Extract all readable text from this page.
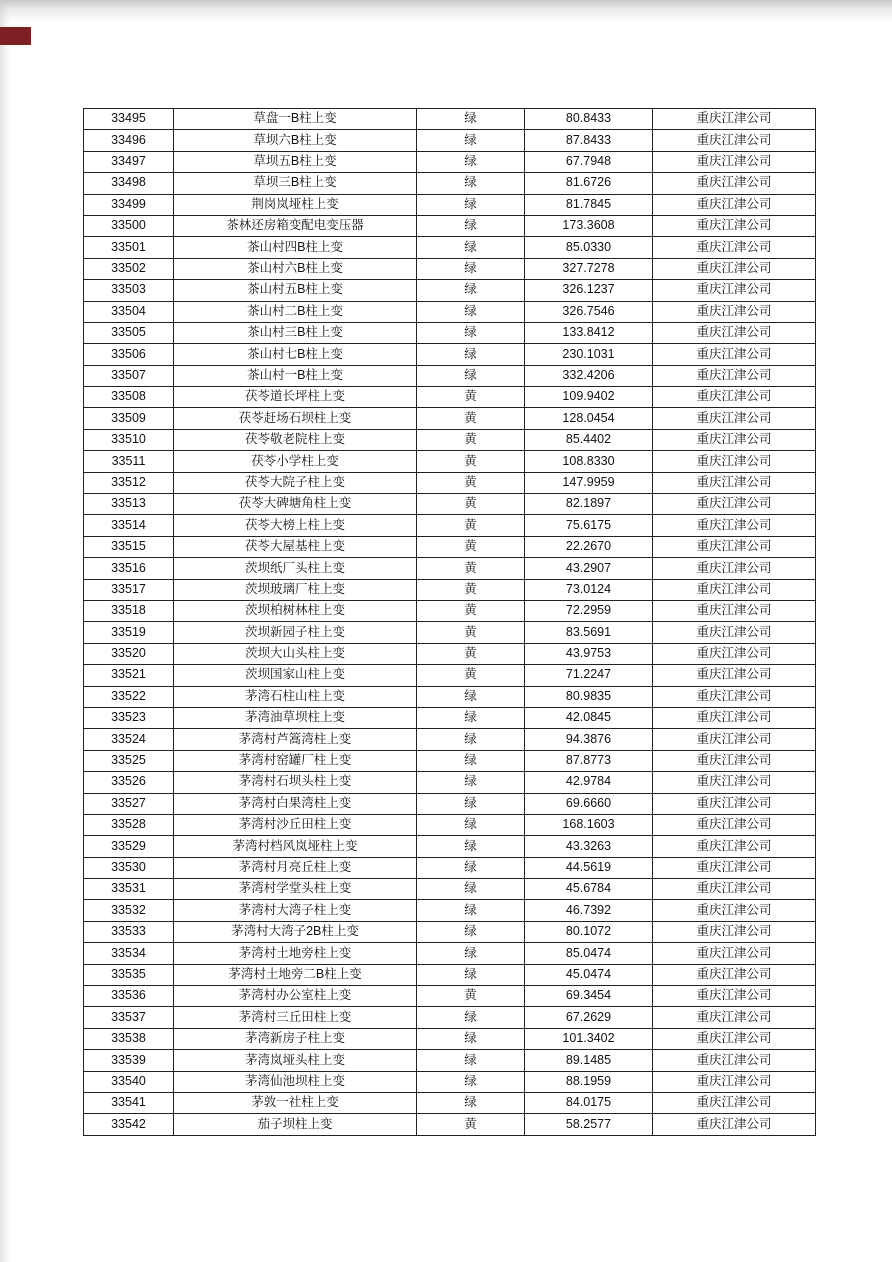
33495	草盘一B柱上变	绿	80.8433	重庆江津公司
33496	草坝六B柱上变	绿	87.8433	重庆江津公司
33497	草坝五B柱上变	绿	67.7948	重庆江津公司
33498	草坝三B柱上变	绿	81.6726	重庆江津公司
33499	荆岗岚垭柱上变	绿	81.7845	重庆江津公司
33500	茶林还房箱变配电变压器	绿	173.3608	重庆江津公司
33501	茶山村四B柱上变	绿	85.0330	重庆江津公司
33502	茶山村六B柱上变	绿	327.7278	重庆江津公司
33503	茶山村五B柱上变	绿	326.1237	重庆江津公司
33504	茶山村二B柱上变	绿	326.7546	重庆江津公司
33505	茶山村三B柱上变	绿	133.8412	重庆江津公司
33506	茶山村七B柱上变	绿	230.1031	重庆江津公司
33507	茶山村一B柱上变	绿	332.4206	重庆江津公司
33508	茯苓道长坪柱上变	黄	109.9402	重庆江津公司
33509	茯苓赶场石坝柱上变	黄	128.0454	重庆江津公司
33510	茯苓敬老院柱上变	黄	85.4402	重庆江津公司
33511	茯苓小学柱上变	黄	108.8330	重庆江津公司
33512	茯苓大院子柱上变	黄	147.9959	重庆江津公司
33513	茯苓大碑塘角柱上变	黄	82.1897	重庆江津公司
33514	茯苓大榜上柱上变	黄	75.6175	重庆江津公司
33515	茯苓大屋基柱上变	黄	22.2670	重庆江津公司
33516	茨坝纸厂头柱上变	黄	43.2907	重庆江津公司
33517	茨坝玻璃厂柱上变	黄	73.0124	重庆江津公司
33518	茨坝柏树林柱上变	黄	72.2959	重庆江津公司
33519	茨坝新园子柱上变	黄	83.5691	重庆江津公司
33520	茨坝大山头柱上变	黄	43.9753	重庆江津公司
33521	茨坝国家山柱上变	黄	71.2247	重庆江津公司
33522	茅湾石柱山柱上变	绿	80.9835	重庆江津公司
33523	茅湾油草坝柱上变	绿	42.0845	重庆江津公司
33524	茅湾村芦篙湾柱上变	绿	94.3876	重庆江津公司
33525	茅湾村窑罐厂柱上变	绿	87.8773	重庆江津公司
33526	茅湾村石坝头柱上变	绿	42.9784	重庆江津公司
33527	茅湾村白果湾柱上变	绿	69.6660	重庆江津公司
33528	茅湾村沙丘田柱上变	绿	168.1603	重庆江津公司
33529	茅湾村档风岚垭柱上变	绿	43.3263	重庆江津公司
33530	茅湾村月亮丘柱上变	绿	44.5619	重庆江津公司
33531	茅湾村学堂头柱上变	绿	45.6784	重庆江津公司
33532	茅湾村大湾子柱上变	绿	46.7392	重庆江津公司
33533	茅湾村大湾子2B柱上变	绿	80.1072	重庆江津公司
33534	茅湾村土地旁柱上变	绿	85.0474	重庆江津公司
33535	茅湾村土地旁二B柱上变	绿	45.0474	重庆江津公司
33536	茅湾村办公室柱上变	黄	69.3454	重庆江津公司
33537	茅湾村三丘田柱上变	绿	67.2629	重庆江津公司
33538	茅湾新房子柱上变	绿	101.3402	重庆江津公司
33539	茅湾岚垭头柱上变	绿	89.1485	重庆江津公司
33540	茅湾仙池坝柱上变	绿	88.1959	重庆江津公司
33541	茅敦一社柱上变	绿	84.0175	重庆江津公司
33542	茄子坝柱上变	黄	58.2577	重庆江津公司
